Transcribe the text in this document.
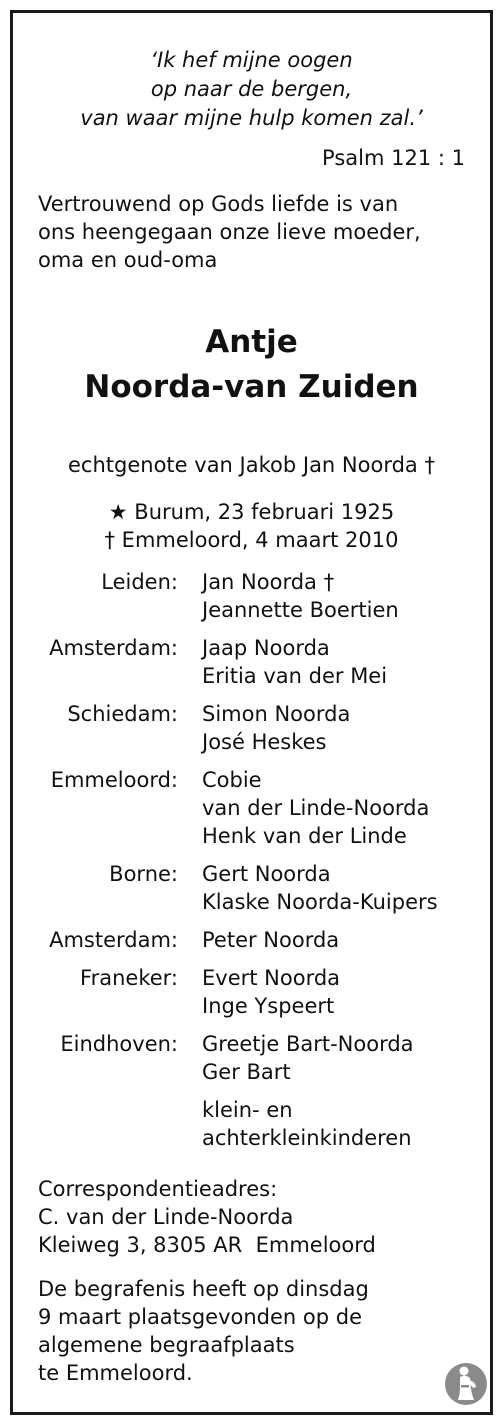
‘Ik hef mijne oogen
op naar de bergen,
van waar mijne hulp komen zal.’
Psalm 121 : 1
Vertrouwend op Gods liefde is van
ons heengegaan onze lieve moeder,
oma en oud-oma
Antje
Noorda-van Zuiden
echtgenote van Jakob Jan Noorda †
★ Burum, 23 februari 1925
† Emmeloord, 4 maart 2010
Leiden: Jan Noorda †
Jeannette Boertien
Amsterdam: Jaap Noorda
Eritia van der Mei
Schiedam: Simon Noorda
José Heskes
Emmeloord: Cobie
van der Linde-Noorda
Henk van der Linde
Borne: Gert Noorda
Klaske Noorda-Kuipers
Amsterdam: Peter Noorda
Franeker: Evert Noorda
Inge Yspeert
Eindhoven: Greetje Bart-Noorda
Ger Bart
klein- en
achterkleinkinderen
Correspondentieadres:
C. van der Linde-Noorda
Kleiweg 3, 8305 AR  Emmeloord
De begrafenis heeft op dinsdag
9 maart plaatsgevonden op de
algemene begraafplaats
te Emmeloord.
